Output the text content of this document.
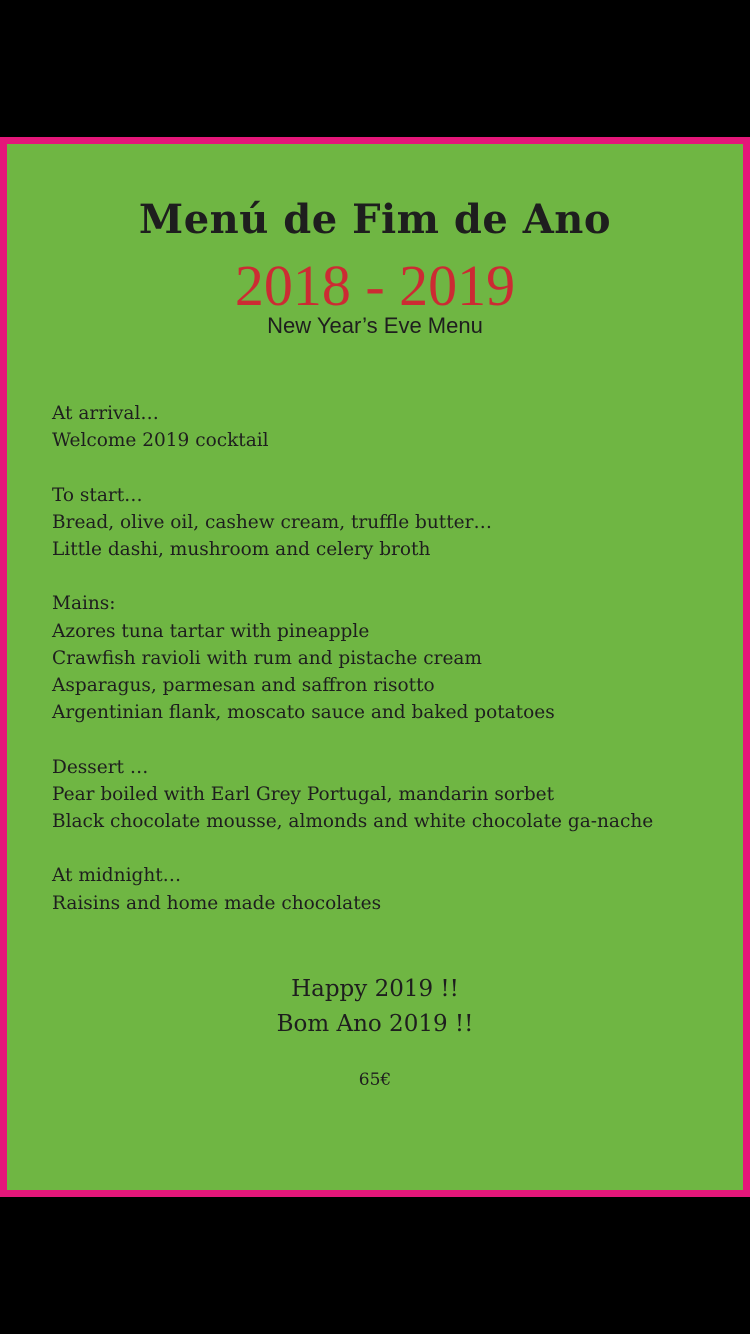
Menú de Fim de Ano
2018 - 2019
New Year’s Eve Menu
At arrival…
Welcome 2019 cocktail
To start…
Bread, olive oil, cashew cream, truffle butter…
Little dashi, mushroom and celery broth
Mains:
Azores tuna tartar with pineapple
Crawfish ravioli with rum and pistache cream
Asparagus, parmesan and saffron risotto
Argentinian flank, moscato sauce and baked potatoes
Dessert …
Pear boiled with Earl Grey Portugal, mandarin sorbet
Black chocolate mousse, almonds and white chocolate ga-nache
At midnight…
Raisins and home made chocolates
Happy 2019 !!
Bom Ano 2019 !!
65€
